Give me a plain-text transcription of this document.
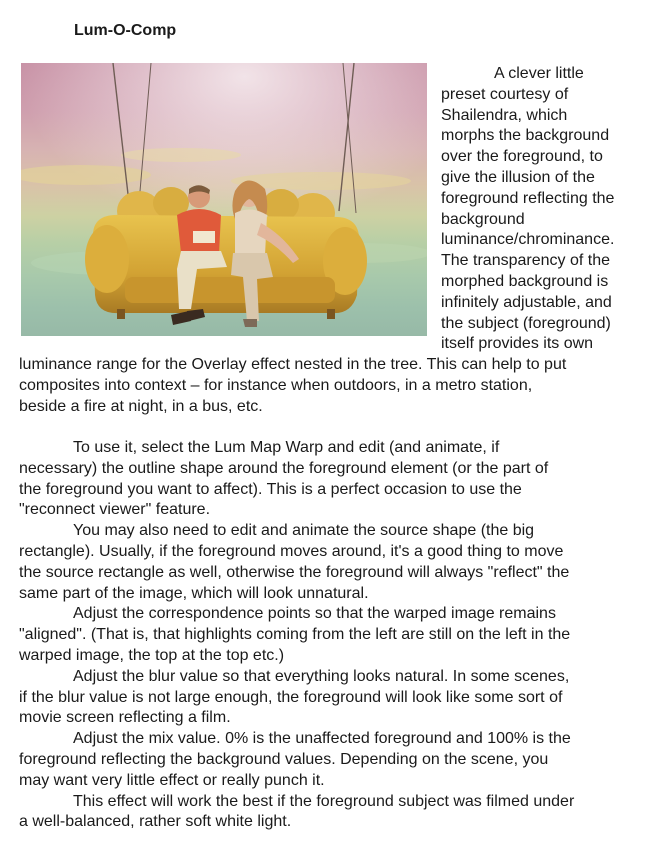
Lum-O-Comp

A clever little

preset courtesy of

Shailendra, which

morphs the background

over the foreground, to

give the illusion of the

foreground reflecting the

background

luminance/chrominance.

The transparency of the

morphed background is

infinitely adjustable, and

the subject (foreground)

itself provides its own

luminance range for the Overlay effect nested in the tree. This can help to put

composites into context – for instance when outdoors, in a metro station,

beside a fire at night, in a bus, etc.

To use it, select the Lum Map Warp and edit (and animate, if

necessary) the outline shape around the foreground element (or the part of

the foreground you want to affect). This is a perfect occasion to use the

"reconnect viewer" feature.

You may also need to edit and animate the source shape (the big

rectangle). Usually, if the foreground moves around, it's a good thing to move

the source rectangle as well, otherwise the foreground will always "reflect" the

same part of the image, which will look unnatural.

Adjust the correspondence points so that the warped image remains

"aligned". (That is, that highlights coming from the left are still on the left in the

warped image, the top at the top etc.)

Adjust the blur value so that everything looks natural. In some scenes,

if the blur value is not large enough, the foreground will look like some sort of

movie screen reflecting a film.

Adjust the mix value. 0% is the unaffected foreground and 100% is the

foreground reflecting the background values. Depending on the scene, you

may want very little effect or really punch it.

This effect will work the best if the foreground subject was filmed under

a well-balanced, rather soft white light.
